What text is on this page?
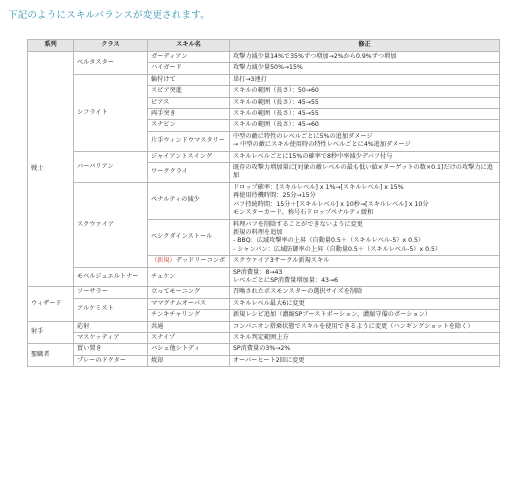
下記のようにスキルバランスが変更されます。
系列	クラス	スキル名	修正
戦士	ベルタスター	ガーディアン	攻撃力減少量14%で35%ずつ増加→2%から0.9%ずつ増加

		ハイガード	攻撃力減少量50%→15%

	シフライト	輪狩けて	単打→3連打

		スピア突進	スキルの範囲（長さ）：50→60

		ピアス	スキルの範囲（長さ）：45→55

		両手突き	スキルの範囲（長さ）：45→55

		スナビン	スキルの範囲（長さ）：45→60

		片手ウィンドウマスタリー	中型の敵に特性のレベルごとに5%の追加ダメージ
→ 中型の敵にスキル使用時の特性レベルごとに4%追加ダメージ

	バーバリアン	ジャイアントスイング	スキルレベルごとに15%の確率で8秒中率減少デバフ付与

		ワーククライ	既存の攻撃力増加量に[対象の敵レベルの最も低い値×ターゲットの数×0.1]だけの攻撃力に追加

	スクウァイア	ペナルティの減少	ドロップ確率：[スキルレベル] x 1%→[スキルレベル] x 15%
再使用待機時間：25分→15分
バフ持続時間：15分＋[スキルレベル] x 10秒→[スキルレベル] x 10分
モンスターカード、称号石ドロップペナルティ緩和

		ベシクダインストール	料理バフを削除することができないように変更
新規の料理を追加
- BBQ：広域攻撃率の上昇（自動量0.5＋（スキルレベル-5）x 0.5）
- シャンパン：広域防御率の上昇（自動量0.5＋（スキルレベル-5）x 0.5）

		（新規）デッドリーコンボ	スクウァイア3サークル新規スキル

	モベルジュエルトナー	チュケン	SP消費量：8→43
レベルごとにSP消費量増加量：43→6

ウィザード	ソーサラー	立ってモーニング	召喚されたボスモンスターの選択サイズを削除

	アルケミスト	ママグナムオーパス	スキルレベル最大6に変更

		チンキチャリング	新規レシピ追加（濃縮SPブーストポーション、濃縮守備のポーション）

射手	応射	共通	コンパニオン搭乗状態でスキルを使用できるように変更（ハンギングショットを除く）

	マスケッティア	スナイプ	スキル判定範囲上方

聖職者	買い置き	バシュ他シトディ	SP消費量の3%→2%

	プレーのドクター	焼却	オーバーヒート2回に変更
